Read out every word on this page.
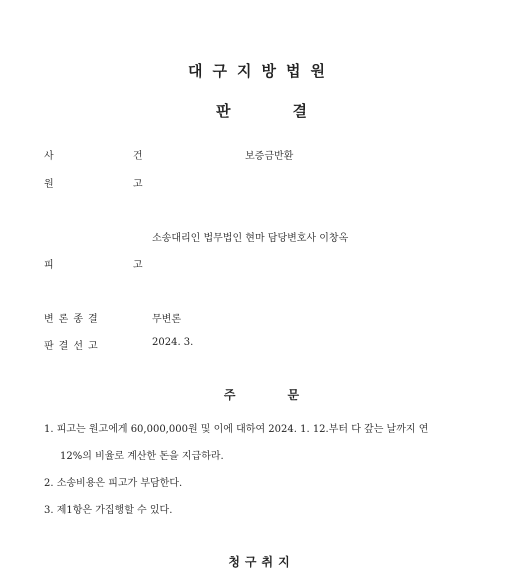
대구지방법원
판결
사 건	보증금반환
원 고
소송대리인 법무법인 현마 담당변호사 이창옥
피 고
변론종결	무변론
판결선고	2024. 3.
주문
1. 피고는 원고에게 60,000,000원 및 이에 대하여 2024. 1. 12.부터 다 갚는 날까지 연
12%의 비율로 계산한 돈을 지급하라.
2. 소송비용은 피고가 부담한다.
3. 제1항은 가집행할 수 있다.
청구취지
